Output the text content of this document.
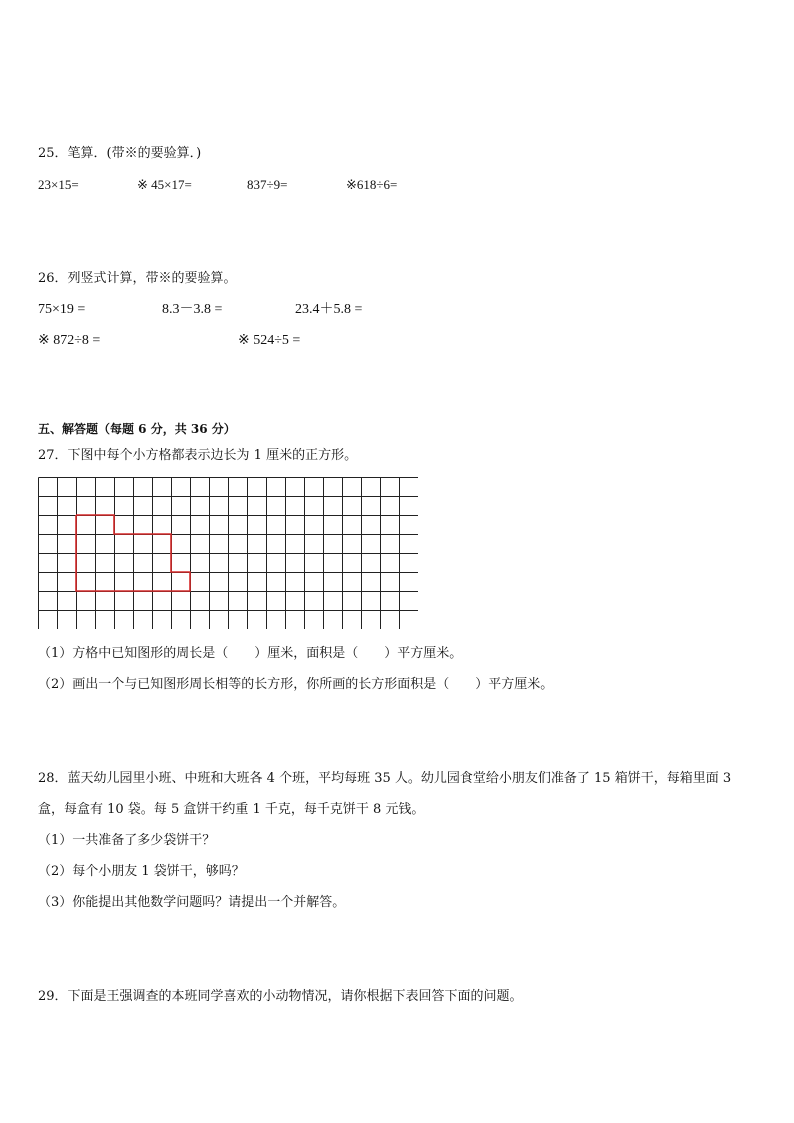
25．笔算．(带※的要验算．)
23×15=	※ 45×17=	837÷9=	※618÷6=
26．列竖式计算，带※的要验算。
75×19 =	8.3－3.8 =	23.4＋5.8 =
※ 872÷8 =	※ 524÷5 =
五、解答题（每题 6 分，共 36 分）
27．下图中每个小方格都表示边长为 1 厘米的正方形。
（1）方格中已知图形的周长是（　　）厘米，面积是（　　）平方厘米。
（2）画出一个与已知图形周长相等的长方形，你所画的长方形面积是（　　）平方厘米。
28．蓝天幼儿园里小班、中班和大班各 4 个班，平均每班 35 人。幼儿园食堂给小朋友们准备了 15 箱饼干，每箱里面 3
盒，每盒有 10 袋。每 5 盒饼干约重 1 千克，每千克饼干 8 元钱。
（1）一共准备了多少袋饼干？
（2）每个小朋友 1 袋饼干，够吗？
（3）你能提出其他数学问题吗？请提出一个并解答。
29．下面是王强调查的本班同学喜欢的小动物情况，请你根据下表回答下面的问题。
